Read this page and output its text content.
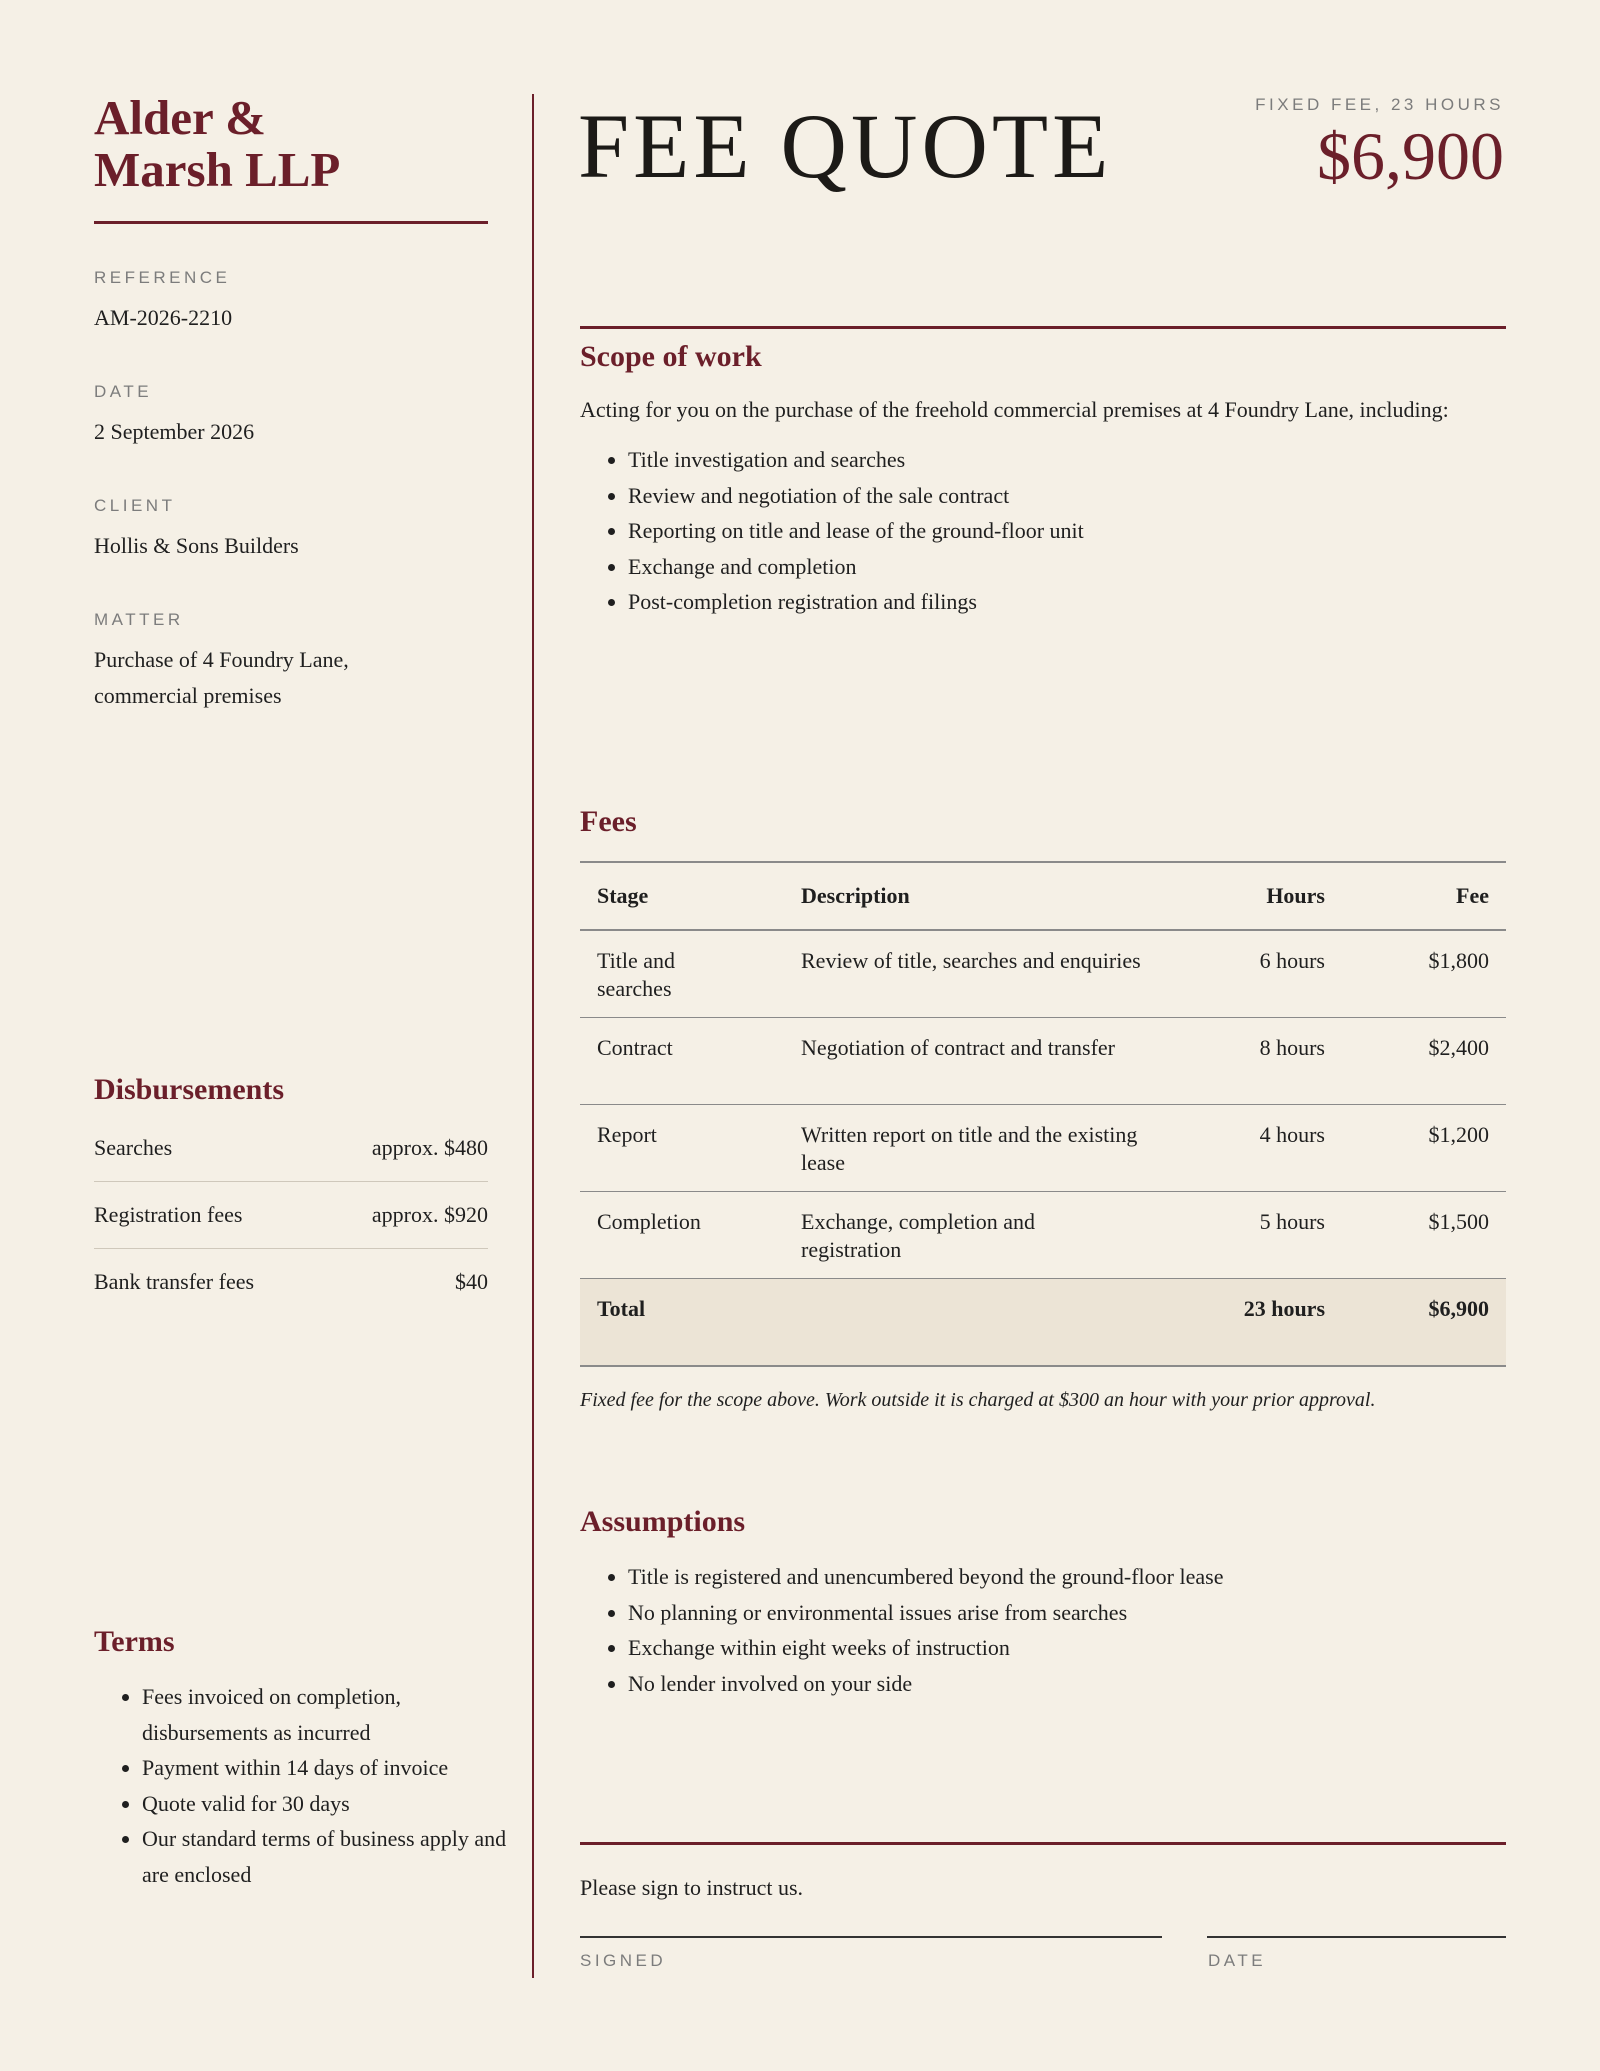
Alder &
Marsh LLP
REFERENCE
AM-2026-2210
DATE
2 September 2026
CLIENT
Hollis & Sons Builders
MATTER
Purchase of 4 Foundry Lane,
commercial premises
Disbursements
Searches	approx. $480
Registration fees	approx. $920
Bank transfer fees	$40
Terms
• Fees invoiced on completion, disbursements as incurred
• Payment within 14 days of invoice
• Quote valid for 30 days
• Our standard terms of business apply and are enclosed
FEE QUOTE	FIXED FEE, 23 HOURS
$6,900
Scope of work

Acting for you on the purchase of the freehold commercial premises at 4 Foundry Lane, including:

• Title investigation and searches
• Review and negotiation of the sale contract
• Reporting on title and lease of the ground-floor unit
• Exchange and completion
• Post-completion registration and filings
Fees
Stage	Description	Hours	Fee
Title and searches	Review of title, searches and enquiries	6 hours	$1,800
Contract	Negotiation of contract and transfer	8 hours	$2,400
Report	Written report on title and the existing lease	4 hours	$1,200
Completion	Exchange, completion and registration	5 hours	$1,500
Total		23 hours	$6,900
Fixed fee for the scope above. Work outside it is charged at $300 an hour with your prior approval.
Assumptions
• Title is registered and unencumbered beyond the ground-floor lease
• No planning or environmental issues arise from searches
• Exchange within eight weeks of instruction
• No lender involved on your side
Please sign to instruct us.
SIGNED	DATE
